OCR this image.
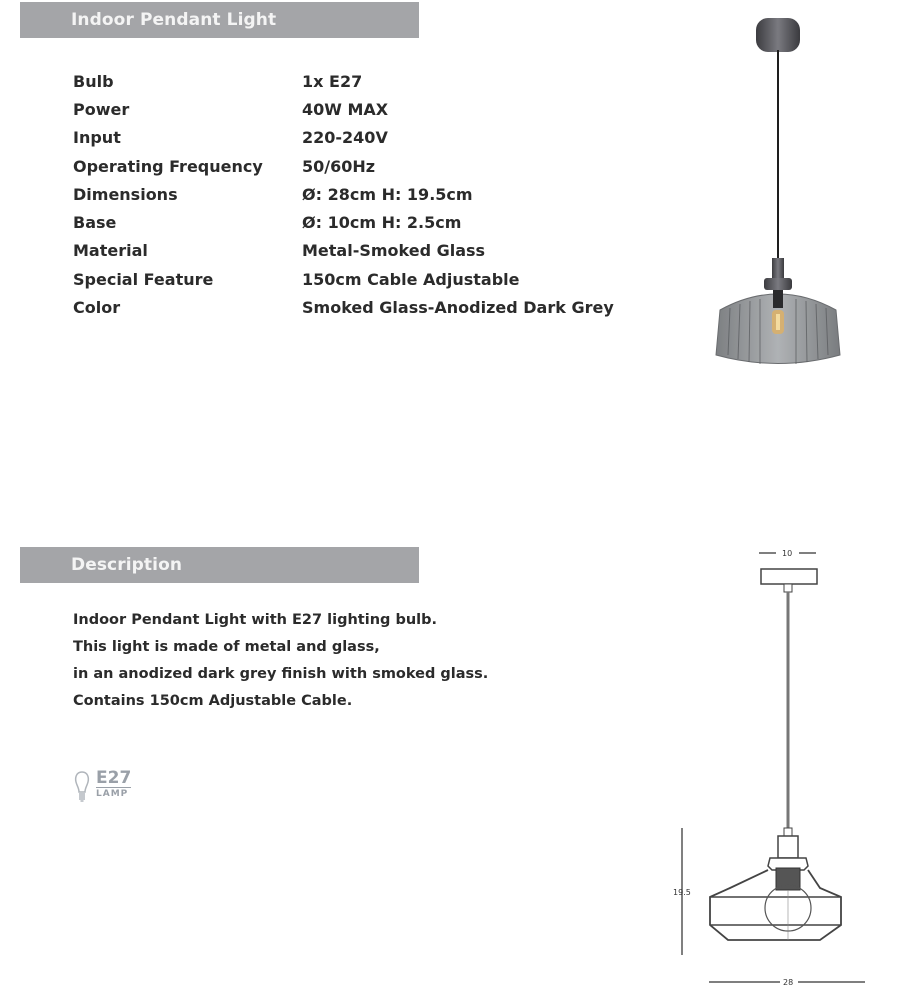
Indoor Pendant Light
Bulb	1x E27
Power	40W MAX
Input	220-240V
Operating Frequency	50/60Hz
Dimensions	Ø: 28cm H: 19.5cm
Base	Ø: 10cm H: 2.5cm
Material	Metal-Smoked Glass
Special Feature	150cm Cable Adjustable
Color	Smoked Glass-Anodized Dark Grey
Description
Indoor Pendant Light with E27 lighting bulb.
This light is made of metal and glass,
in an anodized dark grey finish with smoked glass.
Contains 150cm Adjustable Cable.
E27
LAMP
10
19.5
28
